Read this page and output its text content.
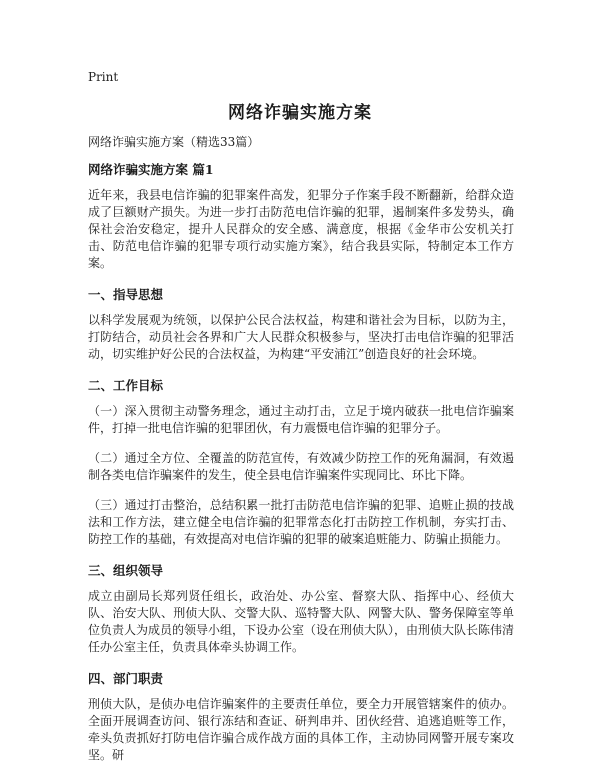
Print
网络诈骗实施方案
网络诈骗实施方案（精选33篇）
网络诈骗实施方案 篇1
近年来，我县电信诈骗的犯罪案件高发，犯罪分子作案手段不断翻新，给群众造成了巨额财产损失。为进一步打击防范电信诈骗的犯罪，遏制案件多发势头，确保社会治安稳定，提升人民群众的安全感、满意度，根据《金华市公安机关打击、防范电信诈骗的犯罪专项行动实施方案》，结合我县实际，特制定本工作方案。
一、指导思想
以科学发展观为统领，以保护公民合法权益，构建和谐社会为目标，以防为主，打防结合，动员社会各界和广大人民群众积极参与，坚决打击电信诈骗的犯罪活动，切实维护好公民的合法权益，为构建“平安浦江”创造良好的社会环境。
二、工作目标
（一）深入贯彻主动警务理念，通过主动打击，立足于境内破获一批电信诈骗案件，打掉一批电信诈骗的犯罪团伙，有力震慑电信诈骗的犯罪分子。
（二）通过全方位、全覆盖的防范宣传，有效减少防控工作的死角漏洞，有效遏制各类电信诈骗案件的发生，使全县电信诈骗案件实现同比、环比下降。
（三）通过打击整治，总结积累一批打击防范电信诈骗的犯罪、追赃止损的技战法和工作方法，建立健全电信诈骗的犯罪常态化打击防控工作机制，夯实打击、防控工作的基础，有效提高对电信诈骗的犯罪的破案追赃能力、防骗止损能力。
三、组织领导
成立由副局长郑列贤任组长，政治处、办公室、督察大队、指挥中心、经侦大队、治安大队、刑侦大队、交警大队、巡特警大队、网警大队、警务保障室等单位负责人为成员的领导小组，下设办公室（设在刑侦大队），由刑侦大队长陈伟清任办公室主任，负责具体牵头协调工作。
四、部门职责
刑侦大队，是侦办电信诈骗案件的主要责任单位，要全力开展管辖案件的侦办。全面开展调查访问、银行冻结和查证、研判串并、团伙经营、追逃追赃等工作，牵头负责抓好打防电信诈骗合成作战方面的具体工作，主动协同网警开展专案攻坚。研
